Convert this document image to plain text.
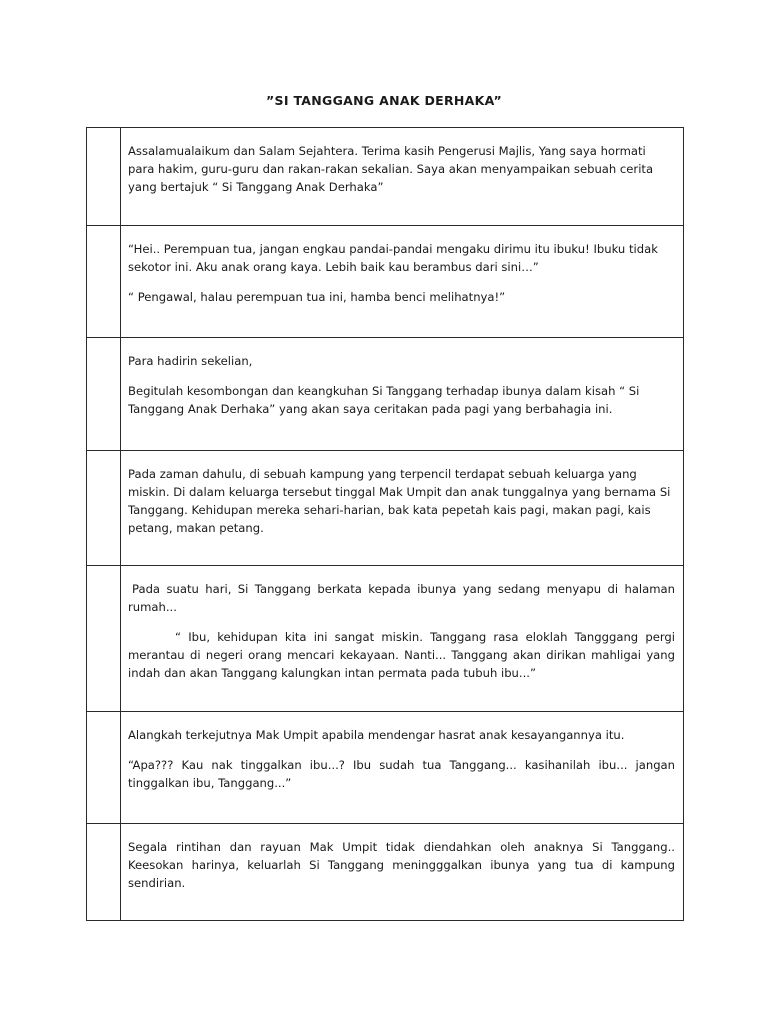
”SI TANGGANG ANAK DERHAKA”

	Assalamualaikum dan Salam Sejahtera. Terima kasih Pengerusi Majlis, Yang saya hormati para hakim, guru-guru dan rakan-rakan sekalian. Saya akan menyampaikan sebuah cerita yang bertajuk “ Si Tanggang Anak Derhaka”

	“Hei.. Perempuan tua, jangan engkau pandai-pandai mengaku dirimu itu ibuku! Ibuku tidak sekotor ini. Aku anak orang kaya. Lebih baik kau berambus dari sini…”

“ Pengawal, halau perempuan tua ini, hamba benci melihatnya!”

	Para hadirin sekelian,

Begitulah kesombongan dan keangkuhan Si Tanggang terhadap ibunya dalam kisah “ Si Tanggang Anak Derhaka” yang akan saya ceritakan pada pagi yang berbahagia ini.

	Pada zaman dahulu, di sebuah kampung yang terpencil terdapat sebuah keluarga yang miskin. Di dalam keluarga tersebut tinggal Mak Umpit dan anak tunggalnya yang bernama Si Tanggang. Kehidupan mereka sehari-harian, bak kata pepetah kais pagi, makan pagi, kais petang, makan petang.

	Pada suatu hari, Si Tanggang berkata kepada ibunya yang sedang menyapu di halaman rumah...

“ Ibu, kehidupan kita ini sangat miskin. Tanggang rasa eloklah Tangggang pergi merantau di negeri orang mencari kekayaan. Nanti... Tanggang akan dirikan mahligai yang indah dan akan Tanggang kalungkan intan permata pada tubuh ibu...”

	Alangkah terkejutnya Mak Umpit apabila mendengar hasrat anak kesayangannya itu.

“Apa??? Kau nak tinggalkan ibu...? Ibu sudah tua Tanggang... kasihanilah ibu... jangan tinggalkan ibu, Tanggang...”

	Segala rintihan dan rayuan Mak Umpit tidak diendahkan oleh anaknya Si Tanggang.. Keesokan harinya, keluarlah Si Tanggang meningggalkan ibunya yang tua di kampung sendirian.
